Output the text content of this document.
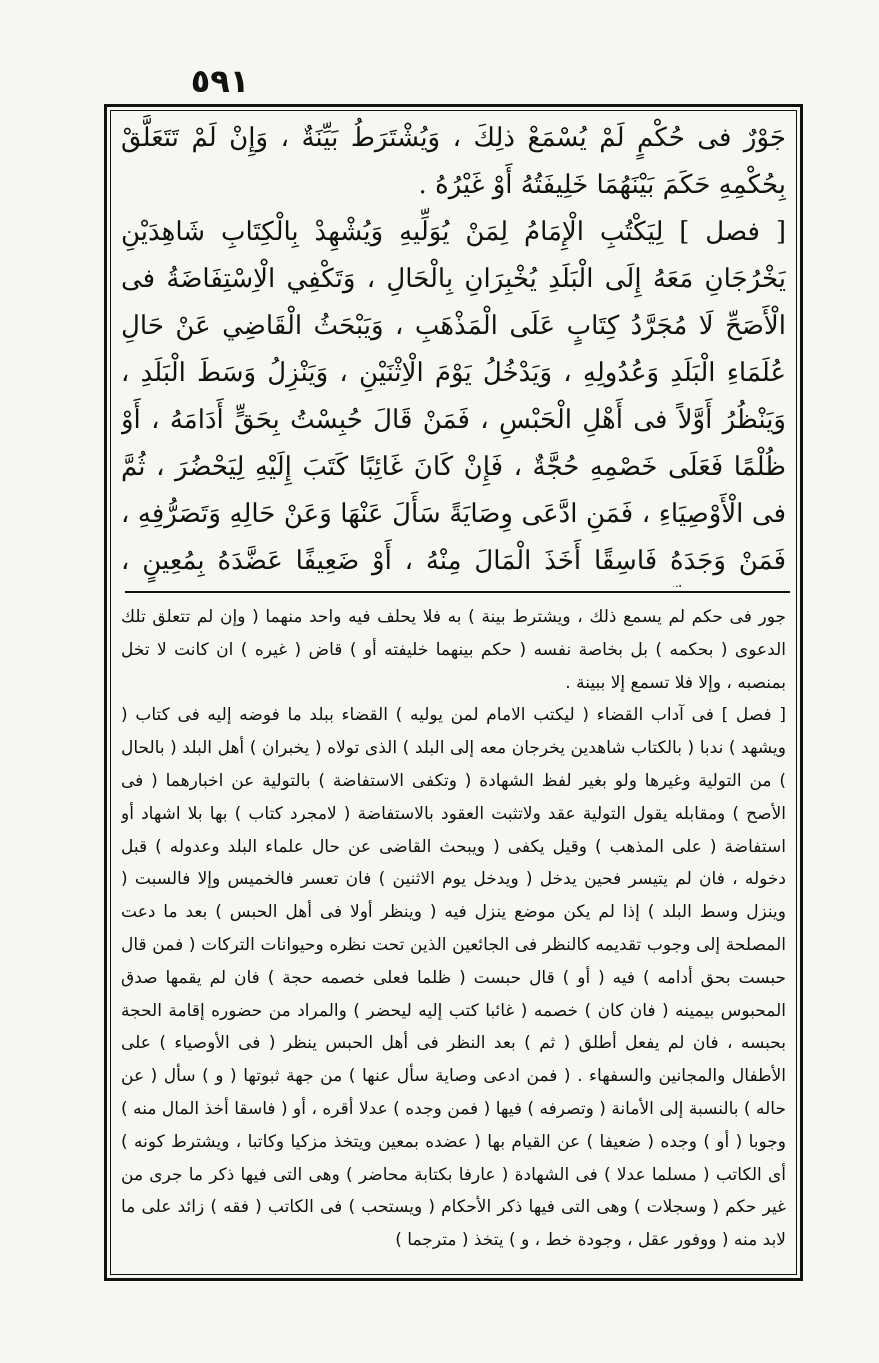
٥٩١

جَوْرٌ فى حُكْمٍ لَمْ يُسْمَعْ ذلِكَ ، وَيُشْتَرَطُ بَيِّنَةٌ ، وَإِنْ لَمْ تَتَعَلَّقْ بِحُكْمِهِ حَكَمَ بَيْنَهُمَا خَلِيفَتُهُ أَوْ غَيْرُهُ .

[ فصل ] لِيَكْتُبِ الْإِمَامُ لِمَنْ يُوَلِّيهِ وَيُشْهِدْ بِالْكِتَابِ شَاهِدَيْنِ يَخْرُجَانِ مَعَهُ إِلَى الْبَلَدِ يُخْبِرَانِ بِالْحَالِ ، وَتَكْفِي الْاِسْتِفَاضَةُ فى الْأَصَحِّ لَا مُجَرَّدُ كِتَابٍ عَلَى الْمَذْهَبِ ، وَيَبْحَثُ الْقَاضِي عَنْ حَالِ عُلَمَاءِ الْبَلَدِ وَعُدُولِهِ ، وَيَدْخُلُ يَوْمَ الْاِثْنَيْنِ ، وَيَنْزِلُ وَسَطَ الْبَلَدِ ، وَيَنْظُرُ أَوَّلاً فى أَهْلِ الْحَبْسِ ، فَمَنْ قَالَ حُبِسْتُ بِحَقٍّ أَدَامَهُ ، أَوْ ظُلْمًا فَعَلَى خَصْمِهِ حُجَّةٌ ، فَإِنْ كَانَ غَائِبًا كَتَبَ إِلَيْهِ لِيَحْضُرَ ، ثُمَّ فى الْأَوْصِيَاءِ ، فَمَنِ ادَّعَى وِصَايَةً سَأَلَ عَنْهَا وَعَنْ حَالِهِ وَتَصَرُّفِهِ ، فَمَنْ وَجَدَهُ فَاسِقًا أَخَذَ الْمَالَ مِنْهُ ، أَوْ ضَعِيفًا عَضَّدَهُ بِمُعِينٍ ،

جور فى حكم لم يسمع ذلك ، ويشترط بينة ) به فلا يحلف فيه واحد منهما ( وإن لم تتعلق تلك الدعوى ( بحكمه ) بل بخاصة نفسه ( حكم بينهما خليفته أو ) قاض ( غيره ) ان كانت لا تخل بمنصبه ، وإلا فلا تسمع إلا ببينة .

[ فصل ] فى آداب القضاء ( ليكتب الامام لمن يوليه ) القضاء ببلد ما فوضه إليه فى كتاب ( ويشهد ) ندبا ( بالكتاب شاهدين يخرجان معه إلى البلد ) الذى تولاه ( يخبران ) أهل البلد ( بالحال ) من التولية وغيرها ولو بغير لفظ الشهادة ( وتكفى الاستفاضة ) بالتولية عن اخبارهما ( فى الأصح ) ومقابله يقول التولية عقد ولاتثبت العقود بالاستفاضة ( لامجرد كتاب ) بها بلا اشهاد أو استفاضة ( على المذهب ) وقيل يكفى ( ويبحث القاضى عن حال علماء البلد وعدوله ) قبل دخوله ، فان لم يتيسر فحين يدخل ( ويدخل يوم الاثنين ) فان تعسر فالخميس وإلا فالسبت ( وينزل وسط البلد ) إذا لم يكن موضع ينزل فيه ( وينظر أولا فى أهل الحبس ) بعد ما دعت المصلحة إلى وجوب تقديمه كالنظر فى الجائعين الذين تحت نظره وحيوانات التركات ( فمن قال حبست بحق أدامه ) فيه ( أو ) قال حبست ( ظلما فعلى خصمه حجة ) فان لم يقمها صدق المحبوس بيمينه ( فان كان ) خصمه ( غائبا كتب إليه ليحضر ) والمراد من حضوره إقامة الحجة بحبسه ، فان لم يفعل أطلق ( ثم ) بعد النظر فى أهل الحبس ينظر ( فى الأوصياء ) على الأطفال والمجانين والسفهاء . ( فمن ادعى وصاية سأل عنها ) من جهة ثبوتها ( و ) سأل ( عن حاله ) بالنسبة إلى الأمانة ( وتصرفه ) فيها ( فمن وجده ) عدلا أقره ، أو ( فاسقا أخذ المال منه ) وجوبا ( أو ) وجده ( ضعيفا ) عن القيام بها ( عضده بمعين ويتخذ مزكيا وكاتبا ، ويشترط كونه ) أى الكاتب ( مسلما عدلا ) فى الشهادة ( عارفا بكتابة محاضر ) وهى التى فيها ذكر ما جرى من غير حكم ( وسجلات ) وهى التى فيها ذكر الأحكام ( ويستحب ) فى الكاتب ( فقه ) زائد على ما لابد منه ( ووفور عقل ، وجودة خط ، و ) يتخذ ( مترجما )
